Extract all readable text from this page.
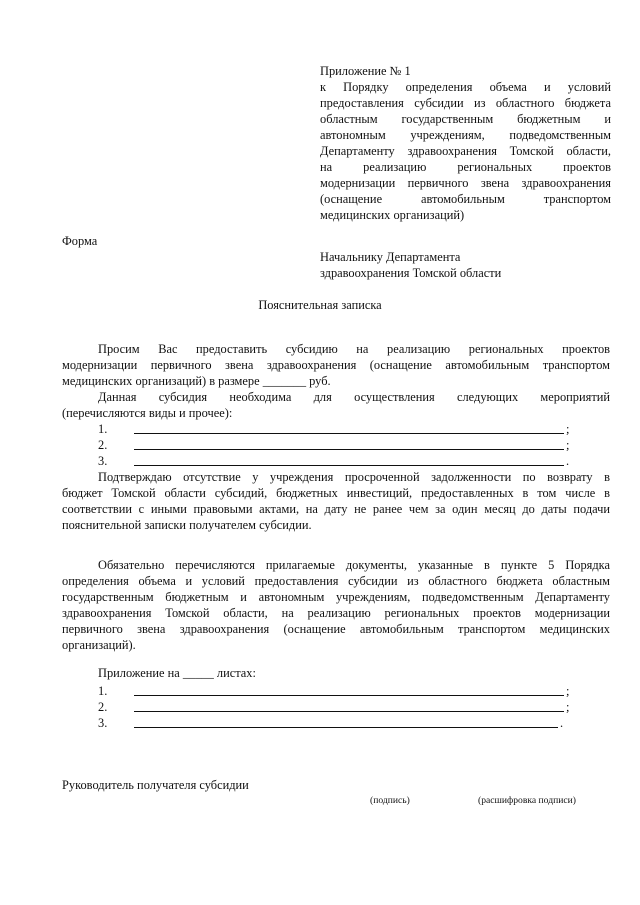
Приложение № 1
к Порядку определения объема и условий
предоставления субсидии из областного бюджета
областным государственным бюджетным и
автономным учреждениям, подведомственным
Департаменту здравоохранения Томской области,
на реализацию региональных проектов
модернизации первичного звена здравоохранения
(оснащение автомобильным транспортом
медицинских организаций)
Форма
Начальнику Департамента
здравоохранения Томской области
Пояснительная записка
Просим Вас предоставить субсидию на реализацию региональных проектов
модернизации первичного звена здравоохранения (оснащение автомобильным транспортом
медицинских организаций) в размере _______ руб.
Данная субсидия необходима для осуществления следующих мероприятий
(перечисляются виды и прочее):
1.	;
2.	;
3.	.
Подтверждаю отсутствие у учреждения просроченной задолженности по возврату в
бюджет Томской области субсидий, бюджетных инвестиций, предоставленных в том числе в
соответствии с иными правовыми актами, на дату не ранее чем за один месяц до даты подачи
пояснительной записки получателем субсидии.
Обязательно перечисляются прилагаемые документы, указанные в пункте 5 Порядка
определения объема и условий предоставления субсидии из областного бюджета областным
государственным бюджетным и автономным учреждениям, подведомственным Департаменту
здравоохранения Томской области, на реализацию региональных проектов модернизации
первичного звена здравоохранения (оснащение автомобильным транспортом медицинских
организаций).
Приложение на _____ листах:
1.	;
2.	;
3.	.
Руководитель получателя субсидии
(подпись)	(расшифровка подписи)
